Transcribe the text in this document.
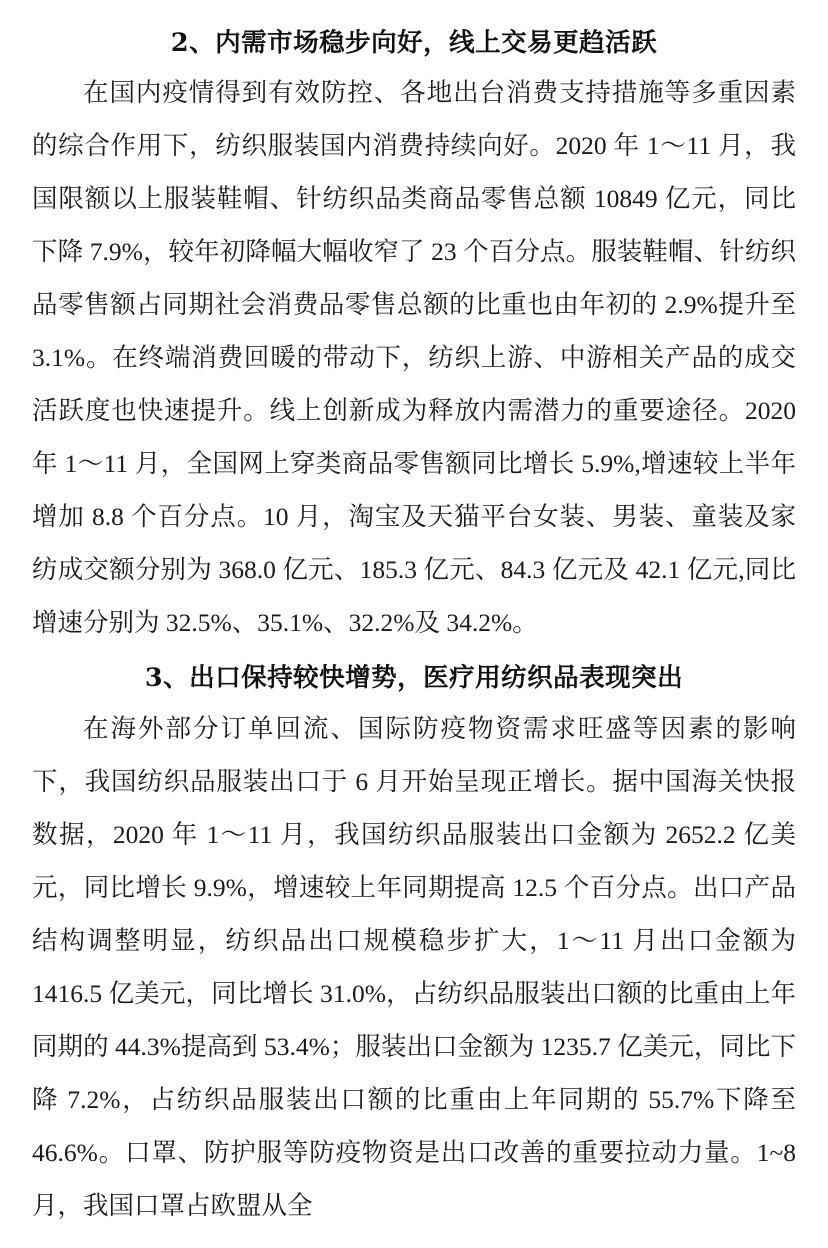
2、内需市场稳步向好，线上交易更趋活跃

在国内疫情得到有效防控、各地出台消费支持措施等多重因素的综合作用下，纺织服装国内消费持续向好。2020 年 1～11 月，我国限额以上服装鞋帽、针纺织品类商品零售总额 10849 亿元，同比下降 7.9%，较年初降幅大幅收窄了 23 个百分点。服装鞋帽、针纺织品零售额占同期社会消费品零售总额的比重也由年初的 2.9%提升至 3.1%。在终端消费回暖的带动下，纺织上游、中游相关产品的成交活跃度也快速提升。线上创新成为释放内需潜力的重要途径。2020 年 1～11 月，全国网上穿类商品零售额同比增长 5.9%,增速较上半年增加 8.8 个百分点。10 月，淘宝及天猫平台女装、男装、童装及家纺成交额分别为 368.0 亿元、185.3 亿元、84.3 亿元及 42.1 亿元,同比增速分别为 32.5%、35.1%、32.2%及 34.2%。

3、出口保持较快增势，医疗用纺织品表现突出

在海外部分订单回流、国际防疫物资需求旺盛等因素的影响下，我国纺织品服装出口于 6 月开始呈现正增长。据中国海关快报数据，2020 年 1～11 月，我国纺织品服装出口金额为 2652.2 亿美元，同比增长 9.9%，增速较上年同期提高 12.5 个百分点。出口产品结构调整明显，纺织品出口规模稳步扩大，1～11 月出口金额为 1416.5 亿美元，同比增长 31.0%，占纺织品服装出口额的比重由上年同期的 44.3%提高到 53.4%；服装出口金额为 1235.7 亿美元，同比下降 7.2%，占纺织品服装出口额的比重由上年同期的 55.7%下降至 46.6%。口罩、防护服等防疫物资是出口改善的重要拉动力量。1~8 月，我国口罩占欧盟从全
